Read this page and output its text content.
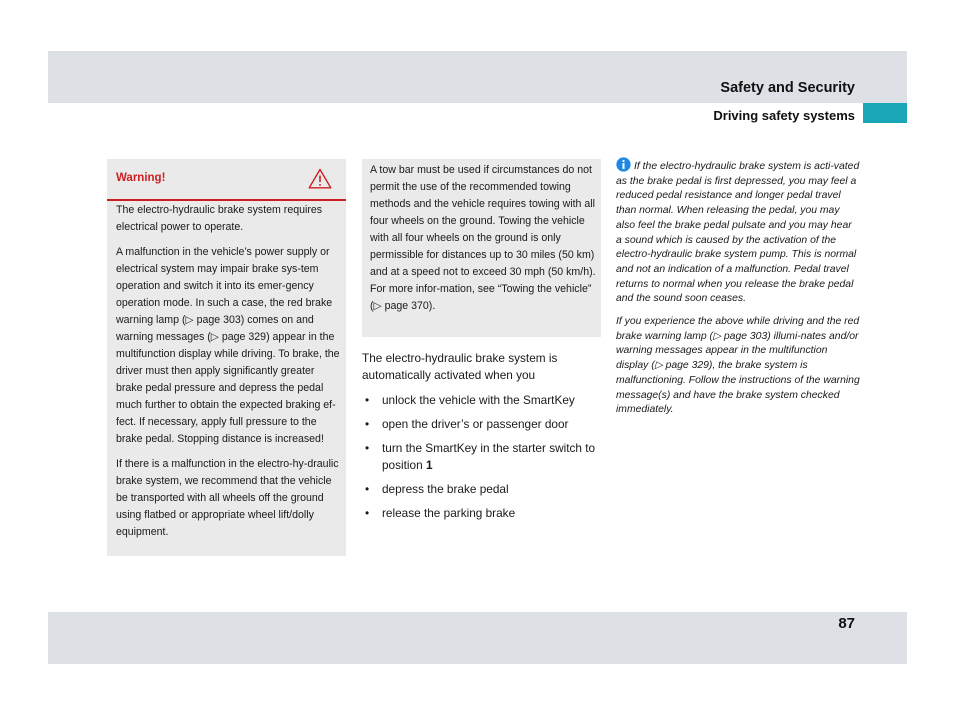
Safety and Security
Driving safety systems
Warning!

The electro-hydraulic brake system requires electrical power to operate.

A malfunction in the vehicle’s power supply or electrical system may impair brake sys-tem operation and switch it into its emer-gency operation mode. In such a case, the red brake warning lamp (▷ page 303) comes on and warning messages (▷ page 329) appear in the multifunction display while driving. To brake, the driver must then apply significantly greater brake pedal pressure and depress the pedal much further to obtain the expected braking ef-fect. If necessary, apply full pressure to the brake pedal. Stopping distance is increased!

If there is a malfunction in the electro-hy-draulic brake system, we recommend that the vehicle be transported with all wheels off the ground using flatbed or appropriate wheel lift/dolly equipment.

A tow bar must be used if circumstances do not permit the use of the recommended towing methods and the vehicle requires towing with all four wheels on the ground. Towing the vehicle with all four wheels on the ground is only permissible for distances up to 30 miles (50 km) and at a speed not to exceed 30 mph (50 km/h). For more infor-mation, see “Towing the vehicle” (▷ page 370).

The electro-hydraulic brake system is automatically activated when you

• unlock the vehicle with the SmartKey
• open the driver’s or passenger door
• turn the SmartKey in the starter switch to position 1
• depress the brake pedal
• release the parking brake

If the electro-hydraulic brake system is acti-vated as the brake pedal is first depressed, you may feel a reduced pedal resistance and longer pedal travel than normal. When releasing the pedal, you may also feel the brake pedal pulsate and you may hear a sound which is caused by the activation of the electro-hydraulic brake system pump. This is normal and not an indication of a malfunction. Pedal travel returns to normal when you release the brake pedal and the sound soon ceases.

If you experience the above while driving and the red brake warning lamp (▷ page 303) illumi-nates and/or warning messages appear in the multifunction display (▷ page 329), the brake system is malfunctioning. Follow the instructions of the warning message(s) and have the brake system checked immediately.

87
